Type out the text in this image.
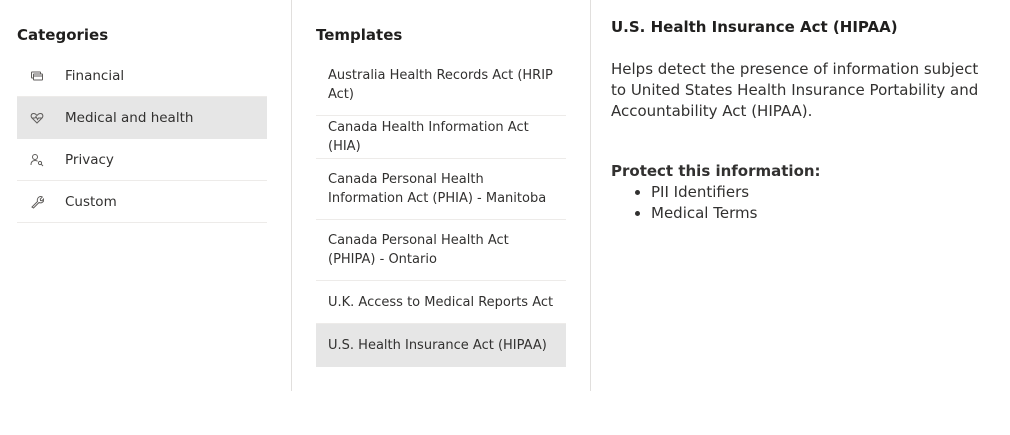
Categories
Financial
Medical and health
Privacy
Custom
Templates
Australia Health Records Act (HRIP Act)
Canada Health Information Act (HIA)
Canada Personal Health Information Act (PHIA) - Manitoba
Canada Personal Health Act (PHIPA) - Ontario
U.K. Access to Medical Reports Act
U.S. Health Insurance Act (HIPAA)
U.S. Health Insurance Act (HIPAA)

Helps detect the presence of information subject to United States Health Insurance Portability and Accountability Act (HIPAA).

Protect this information:
• PII Identifiers
• Medical Terms
